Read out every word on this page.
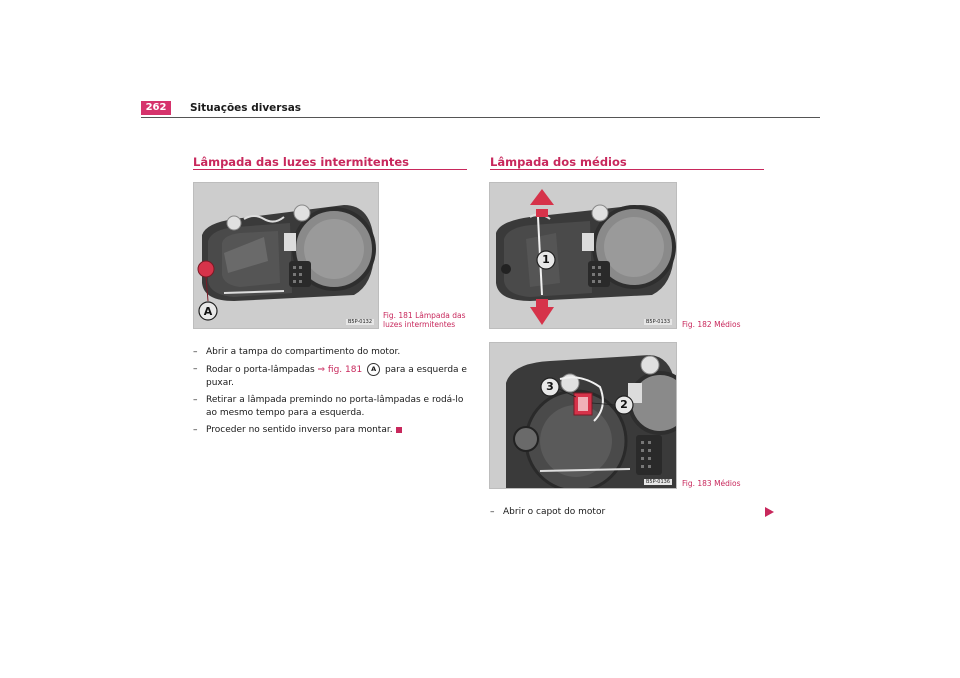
262	Situações diversas
Lâmpada das luzes intermitentes
A
B5P-0132
Fig. 181 Lâmpada das
luzes intermitentes
– Abrir a tampa do compartimento do motor.
– Rodar o porta-lâmpadas ⇒ fig. 181 A para a esquerda e puxar.
– Retirar a lâmpada premindo no porta-lâmpadas e rodá-lo ao mesmo tempo para a esquerda.
– Proceder no sentido inverso para montar.
Lâmpada dos médios
1
B5P-0133 Fig. 182 Médios
3
2
B5P-0136 Fig. 183 Médios
– Abrir o capot do motor
